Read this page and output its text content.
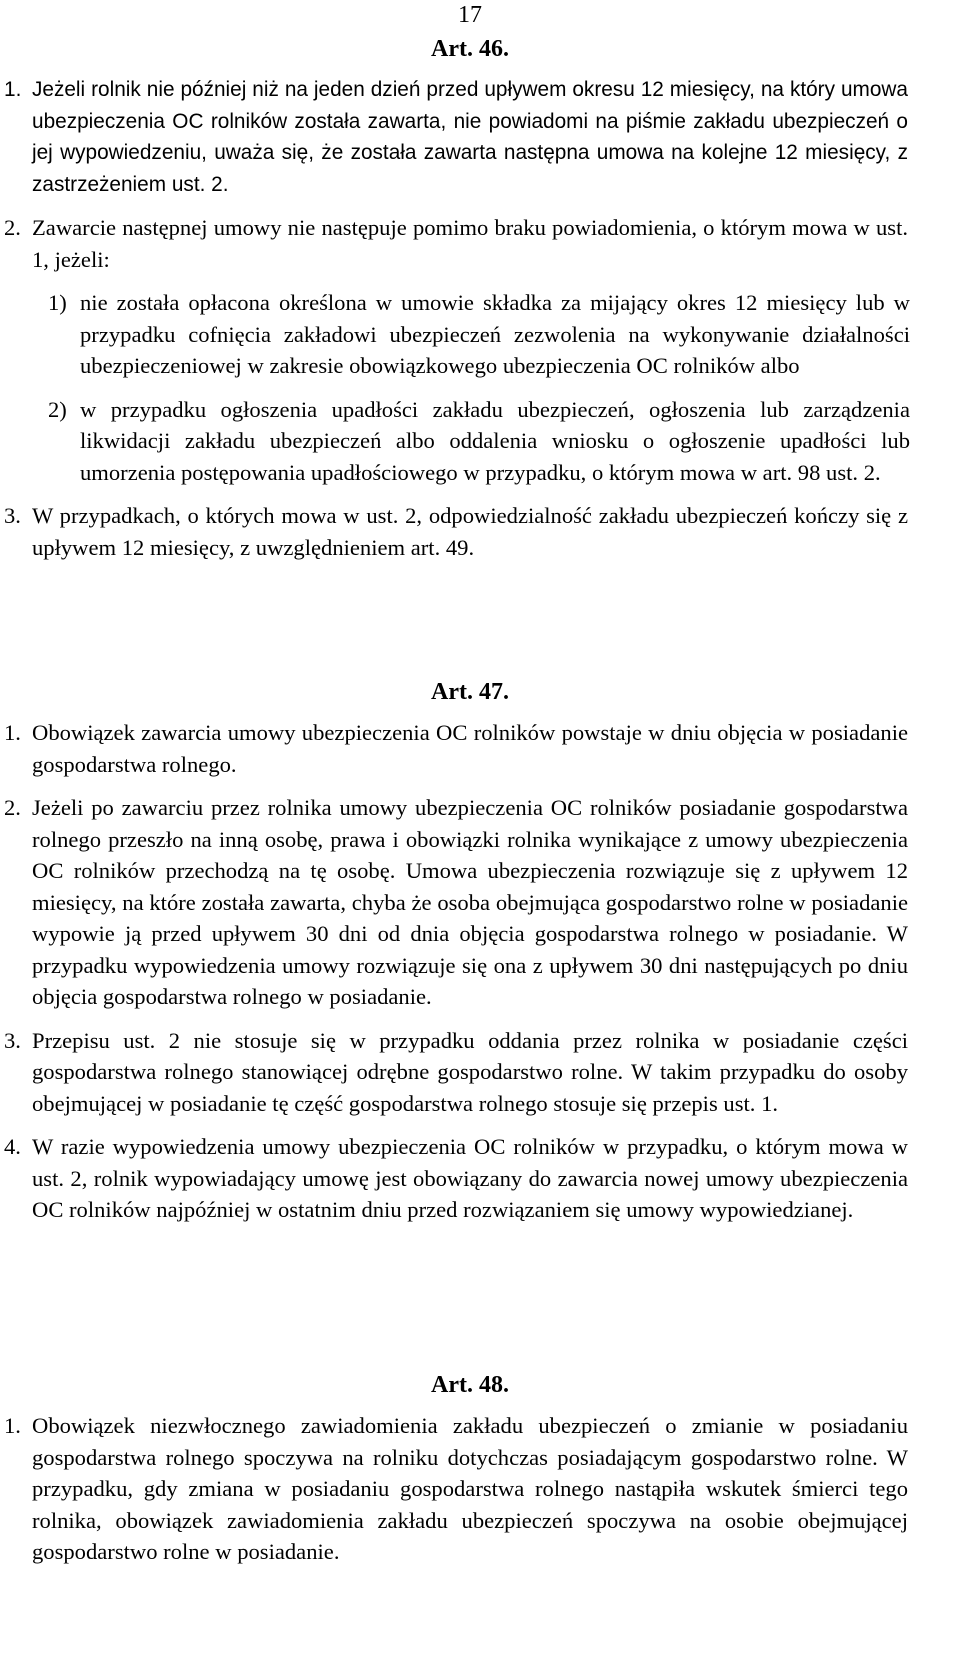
17
Art. 46.
1. Jeżeli rolnik nie później niż na jeden dzień przed upływem okresu 12 miesięcy, na który umowa ubezpieczenia OC rolników została zawarta, nie powiadomi na piśmie zakładu ubezpieczeń o jej wypowiedzeniu, uważa się, że została zawarta następna umowa na kolejne 12 miesięcy, z zastrzeżeniem ust. 2.
2. Zawarcie następnej umowy nie następuje pomimo braku powiadomienia, o którym mowa w ust. 1, jeżeli:
1) nie została opłacona określona w umowie składka za mijający okres 12 miesięcy lub w przypadku cofnięcia zakładowi ubezpieczeń zezwolenia na wykonywanie działalności ubezpieczeniowej w zakresie obowiązkowego ubezpieczenia OC rolników albo
2) w przypadku ogłoszenia upadłości zakładu ubezpieczeń, ogłoszenia lub zarządzenia likwidacji zakładu ubezpieczeń albo oddalenia wniosku o ogłoszenie upadłości lub umorzenia postępowania upadłościowego w przypadku, o którym mowa w art. 98 ust. 2.
3. W przypadkach, o których mowa w ust. 2, odpowiedzialność zakładu ubezpieczeń kończy się z upływem 12 miesięcy, z uwzględnieniem art. 49.
Art. 47.
1. Obowiązek zawarcia umowy ubezpieczenia OC rolników powstaje w dniu objęcia w posiadanie gospodarstwa rolnego.
2. Jeżeli po zawarciu przez rolnika umowy ubezpieczenia OC rolników posiadanie gospodarstwa rolnego przeszło na inną osobę, prawa i obowiązki rolnika wynikające z umowy ubezpieczenia OC rolników przechodzą na tę osobę. Umowa ubezpieczenia rozwiązuje się z upływem 12 miesięcy, na które została zawarta, chyba że osoba obejmująca gospodarstwo rolne w posiadanie wypowie ją przed upływem 30 dni od dnia objęcia gospodarstwa rolnego w posiadanie. W przypadku wypowiedzenia umowy rozwiązuje się ona z upływem 30 dni następujących po dniu objęcia gospodarstwa rolnego w posiadanie.
3. Przepisu ust. 2 nie stosuje się w przypadku oddania przez rolnika w posiadanie części gospodarstwa rolnego stanowiącej odrębne gospodarstwo rolne. W takim przypadku do osoby obejmującej w posiadanie tę część gospodarstwa rolnego stosuje się przepis ust. 1.
4. W razie wypowiedzenia umowy ubezpieczenia OC rolników w przypadku, o którym mowa w ust. 2, rolnik wypowiadający umowę jest obowiązany do zawarcia nowej umowy ubezpieczenia OC rolników najpóźniej w ostatnim dniu przed rozwiązaniem się umowy wypowiedzianej.
Art. 48.
1. Obowiązek niezwłocznego zawiadomienia zakładu ubezpieczeń o zmianie w posiadaniu gospodarstwa rolnego spoczywa na rolniku dotychczas posiadającym gospodarstwo rolne. W przypadku, gdy zmiana w posiadaniu gospodarstwa rolnego nastąpiła wskutek śmierci tego rolnika, obowiązek zawiadomienia zakładu ubezpieczeń spoczywa na osobie obejmującej gospodarstwo rolne w posiadanie.
